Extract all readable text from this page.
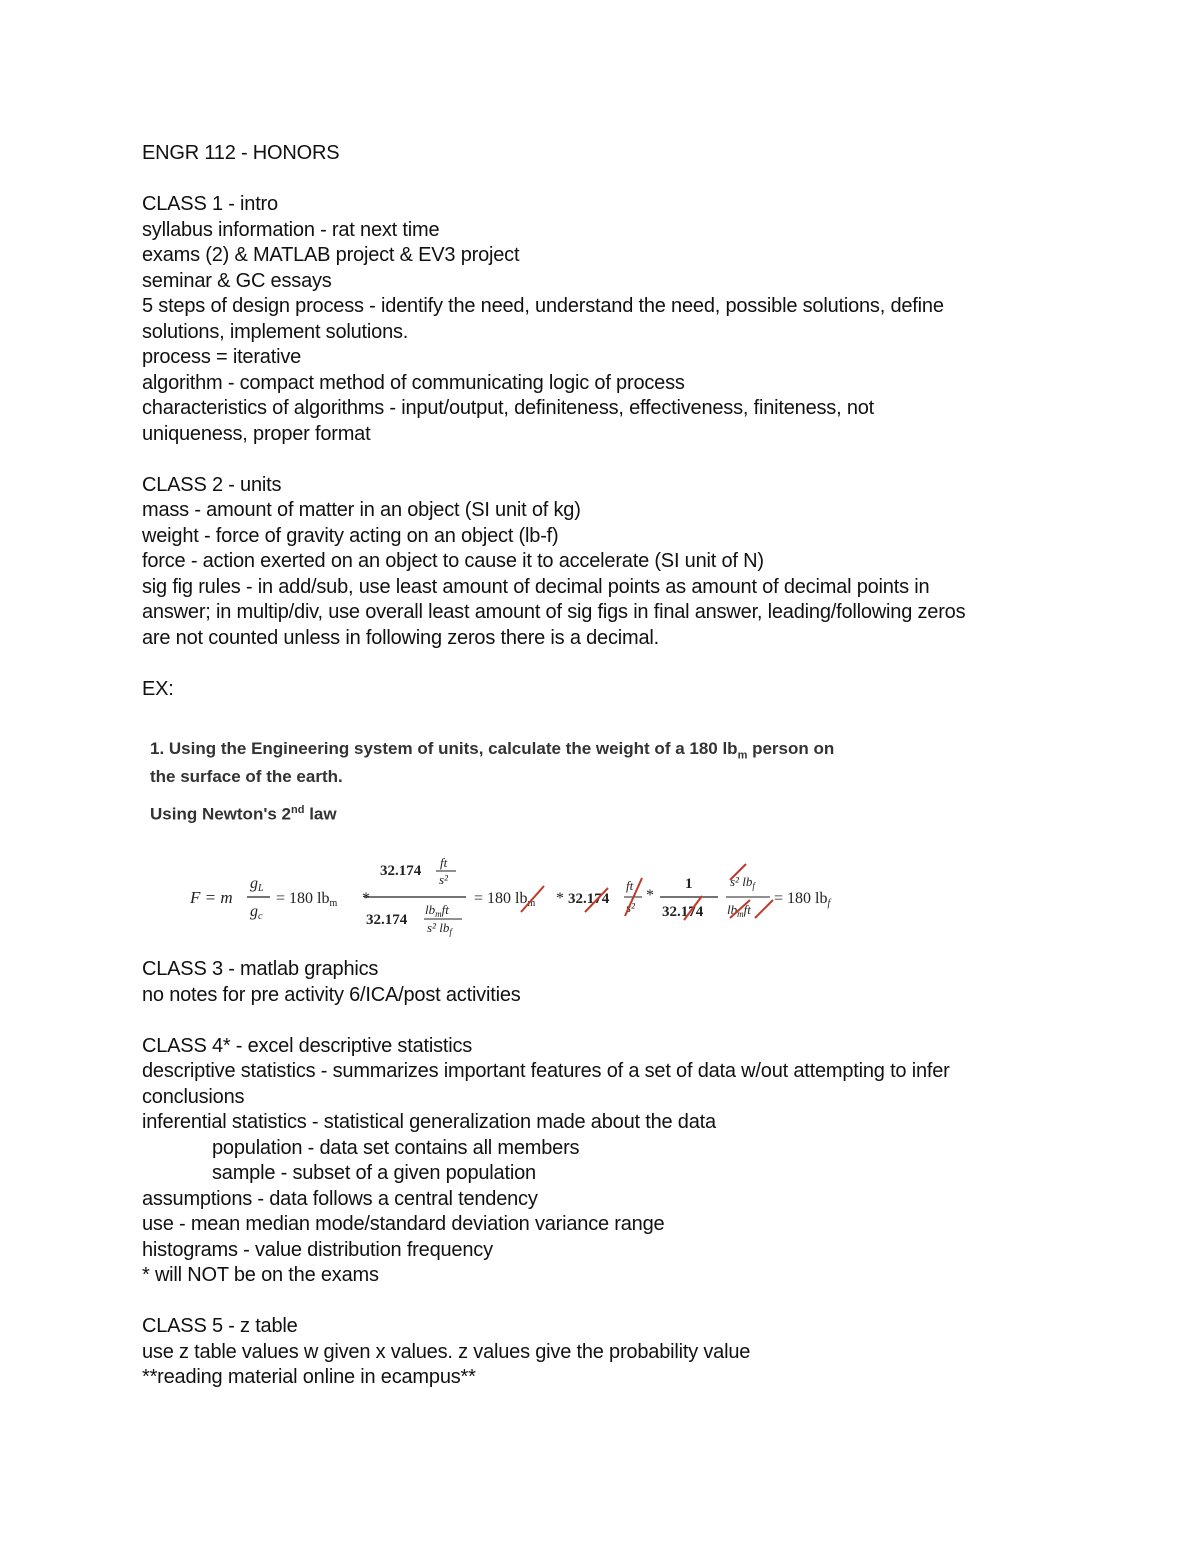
ENGR 112 - HONORS
CLASS 1 - intro
syllabus information - rat next time
exams (2) & MATLAB project & EV3 project
seminar & GC essays
5 steps of design process - identify the need, understand the need, possible solutions, define
solutions, implement solutions.
process = iterative
algorithm - compact method of communicating logic of process
characteristics of algorithms - input/output, definiteness, effectiveness, finiteness, not
uniqueness, proper format
CLASS 2 - units
mass - amount of matter in an object (SI unit of kg)
weight - force of gravity acting on an object (lb-f)
force - action exerted on an object to cause it to accelerate (SI unit of N)
sig fig rules - in add/sub, use least amount of decimal points as amount of decimal points in
answer; in multip/div, use overall least amount of sig figs in final answer, leading/following zeros
are not counted unless in following zeros there is a decimal.
EX:
1. Using the Engineering system of units, calculate the weight of a 180 $lb_m$ person on
the surface of the earth.
Using Newton's 2nd law
F = m
gL
gc
= 180 lbm *
32.174
32.174
ft
s²
$lb_mft$
s² $lb_f$
= 180 lbm * 32.174
ft
s²
*
1
32.174
s² $lb_f$
$lb_mft$
= 180 lbf
CLASS 3 - matlab graphics
no notes for pre activity 6/ICA/post activities
CLASS 4* - excel descriptive statistics
descriptive statistics - summarizes important features of a set of data w/out attempting to infer
conclusions
inferential statistics - statistical generalization made about the data
population - data set contains all members
sample - subset of a given population
assumptions - data follows a central tendency
use - mean median mode/standard deviation variance range
histograms - value distribution frequency
* will NOT be on the exams
CLASS 5 - z table
use z table values w given x values. z values give the probability value
**reading material online in ecampus**
